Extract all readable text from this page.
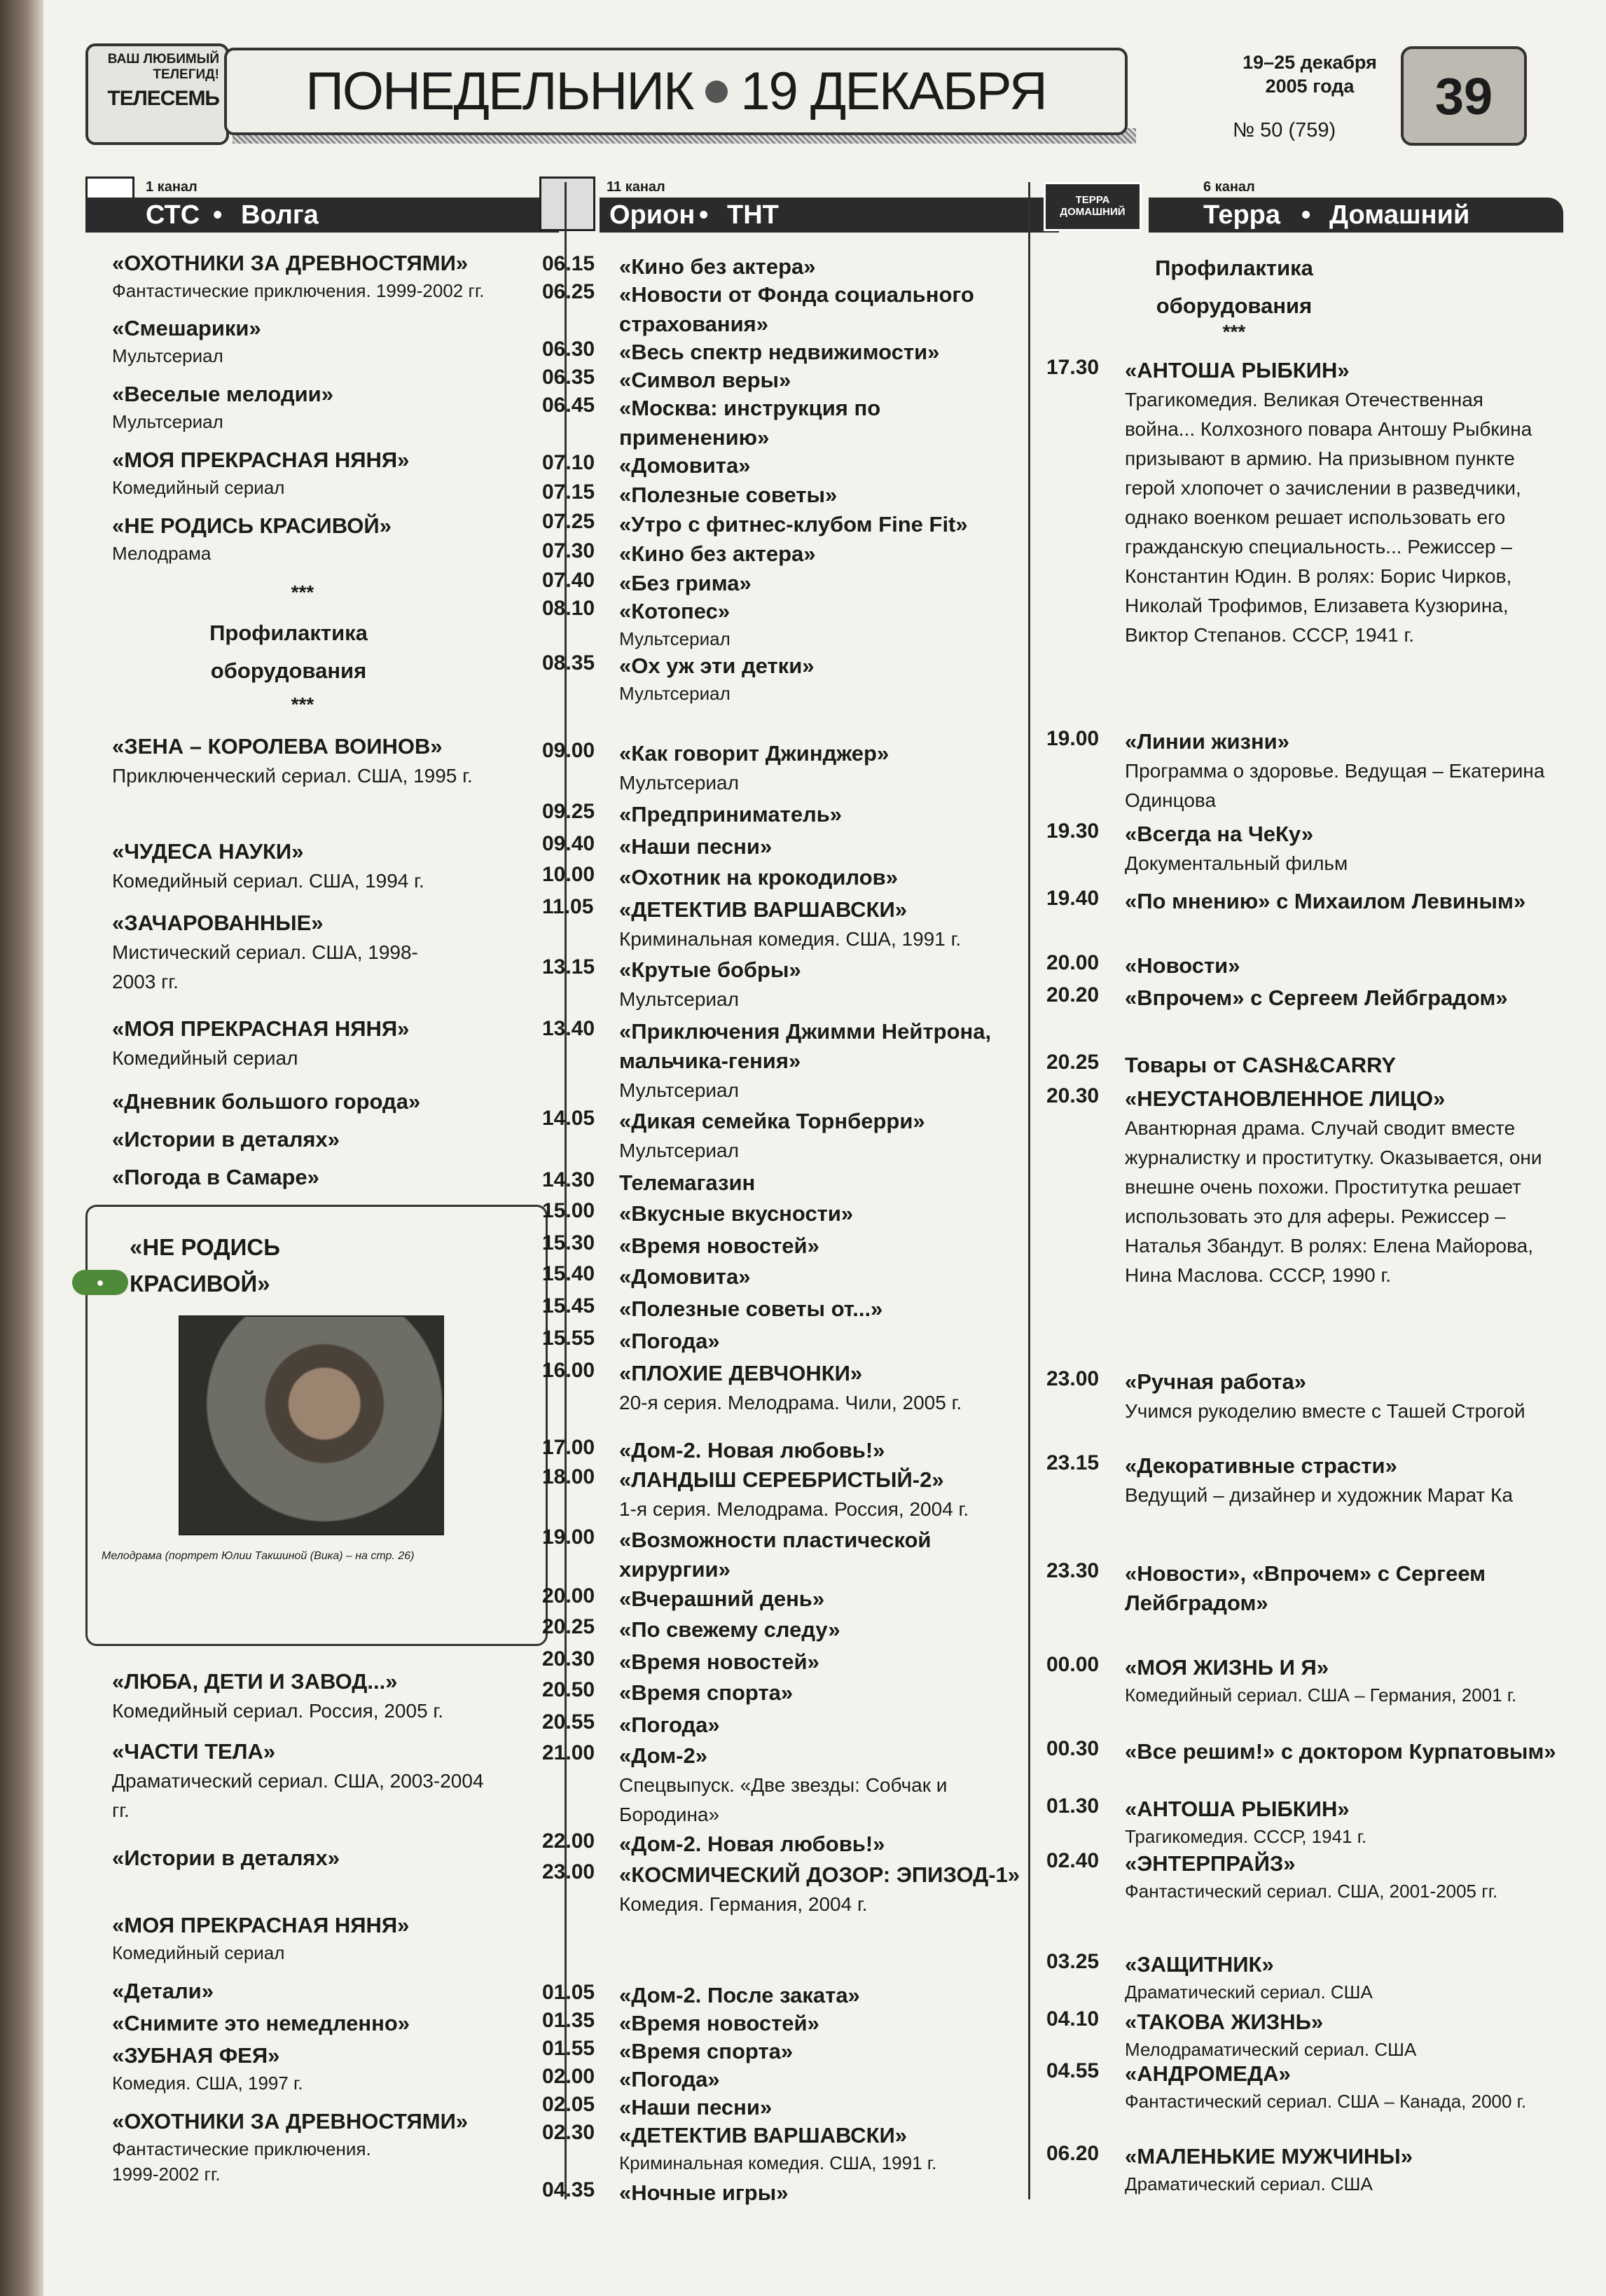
ВАШ ЛЮБИМЫЙ ТЕЛЕГИД!
ТЕЛЕСЕМЬ ПОНЕДЕЛЬНИК 19 ДЕКАБРЯ	19–25 декабря
2005 года
№ 50 (759)
39
1 канал
СТС • Волга
11 канал
Орион • ТНТ
ТЕРРА ДОМАШНИЙ
6 канал
Терра • Домашний
«ОХОТНИКИ ЗА ДРЕВНОСТЯМИ»
Фантастические приключения. 1999-2002 гг.
«Смешарики»
Мультсериал
«Веселые мелодии»
Мультсериал
«МОЯ ПРЕКРАСНАЯ НЯНЯ»
Комедийный сериал
«НЕ РОДИСЬ КРАСИВОЙ»
Мелодрама
***
Профилактика оборудования
***
«ЗЕНА – КОРОЛЕВА ВОИНОВ»
Приключенческий сериал. США, 1995 г.
«ЧУДЕСА НАУКИ»
Комедийный сериал. США, 1994 г.
«ЗАЧАРОВАННЫЕ»
Мистический сериал. США, 1998-2003 гг.
«МОЯ ПРЕКРАСНАЯ НЯНЯ»
Комедийный сериал
«Дневник большого города»
«Истории в деталях»
«Погода в Самаре»
●
«НЕ РОДИСЬ КРАСИВОЙ»
Мелодрама (портрет Юлии Такшиной (Вика) – на стр. 26)
«ЛЮБА, ДЕТИ И ЗАВОД...»
Комедийный сериал. Россия, 2005 г.
«ЧАСТИ ТЕЛА»
Драматический сериал. США, 2003-2004 гг.
«Истории в деталях»
«МОЯ ПРЕКРАСНАЯ НЯНЯ»
Комедийный сериал
«Детали»
«Снимите это немедленно»
«ЗУБНАЯ ФЕЯ»
Комедия. США, 1997 г.
«ОХОТНИКИ ЗА ДРЕВНОСТЯМИ»
Фантастические приключения. 1999-2002 гг.
06.15 «Кино без актера»
06.25 «Новости от Фонда социального страхования»
06.30 «Весь спектр недвижимости»
06.35 «Символ веры»
06.45 «Москва: инструкция по применению»
07.10 «Домовита»
07.15 «Полезные советы»
07.25 «Утро с фитнес-клубом Fine Fit»
07.30 «Кино без актера»
07.40 «Без грима»
08.10 «Котопес»
Мультсериал
08.35 «Ох уж эти детки»
Мультсериал
09.00 «Как говорит Джинджер»
Мультсериал
09.25 «Предприниматель»
09.40 «Наши песни»
10.00 «Охотник на крокодилов»
11.05 «ДЕТЕКТИВ ВАРШАВСКИ»
Криминальная комедия. США, 1991 г.
13.15 «Крутые бобры»
Мультсериал
13.40 «Приключения Джимми Нейтрона, мальчика-гения»
Мультсериал
14.05 «Дикая семейка Торнберри»
Мультсериал
14.30 Телемагазин
15.00 «Вкусные вкусности»
15.30 «Время новостей»
15.40 «Домовита»
15.45 «Полезные советы от...»
15.55 «Погода»
16.00 «ПЛОХИЕ ДЕВЧОНКИ»
20-я серия. Мелодрама. Чили, 2005 г.
17.00 «Дом-2. Новая любовь!»
18.00 «ЛАНДЫШ СЕРЕБРИСТЫЙ-2»
1-я серия. Мелодрама. Россия, 2004 г.
19.00 «Возможности пластической хирургии»
20.00 «Вчерашний день»
20.25 «По свежему следу»
20.30 «Время новостей»
20.50 «Время спорта»
20.55 «Погода»
21.00 «Дом-2»
Спецвыпуск. «Две звезды: Собчак и Бородина»
22.00 «Дом-2. Новая любовь!»
23.00 «КОСМИЧЕСКИЙ ДОЗОР: ЭПИЗОД-1»
Комедия. Германия, 2004 г.
01.05 «Дом-2. После заката»
01.35 «Время новостей»
01.55 «Время спорта»
02.00 «Погода»
02.05 «Наши песни»
02.30 «ДЕТЕКТИВ ВАРШАВСКИ»
Криминальная комедия. США, 1991 г.
04.35 «Ночные игры»
Профилактика оборудования
***
17.30 «АНТОША РЫБКИН»
Трагикомедия. Великая Отечественная война... Колхозного повара Антошу Рыбкина призывают в армию. На призывном пункте герой хлопочет о зачислении в разведчики, однако военком решает использовать его гражданскую специальность... Режиссер – Константин Юдин. В ролях: Борис Чирков, Николай Трофимов, Елизавета Кузюрина, Виктор Степанов. СССР, 1941 г.
19.00 «Линии жизни»
Программа о здоровье. Ведущая – Екатерина Одинцова
19.30 «Всегда на ЧеКу»
Документальный фильм
19.40 «По мнению» с Михаилом Левиным»
20.00 «Новости»
20.20 «Впрочем» с Сергеем Лейбградом»
20.25 Товары от CASH&CARRY
20.30 «НЕУСТАНОВЛЕННОЕ ЛИЦО»
Авантюрная драма. Случай сводит вместе журналистку и проститутку. Оказывается, они внешне очень похожи. Проститутка решает использовать это для аферы. Режиссер – Наталья Збандут. В ролях: Елена Майорова, Нина Маслова. СССР, 1990 г.
23.00 «Ручная работа»
Учимся рукоделию вместе с Ташей Строгой
23.15 «Декоративные страсти»
Ведущий – дизайнер и художник Марат Ка
23.30 «Новости», «Впрочем» с Сергеем Лейбградом»
00.00 «МОЯ ЖИЗНЬ И Я»
Комедийный сериал. США – Германия, 2001 г.
00.30 «Все решим!» с доктором Курпатовым»
01.30 «АНТОША РЫБКИН»
Трагикомедия. СССР, 1941 г.
02.40 «ЭНТЕРПРАЙЗ»
Фантастический сериал. США, 2001-2005 гг.
03.25 «ЗАЩИТНИК»
Драматический сериал. США
04.10 «ТАКОВА ЖИЗНЬ»
Мелодраматический сериал. США
04.55 «АНДРОМЕДА»
Фантастический сериал. США – Канада, 2000 г.
06.20 «МАЛЕНЬКИЕ МУЖЧИНЫ»
Драматический сериал. США
